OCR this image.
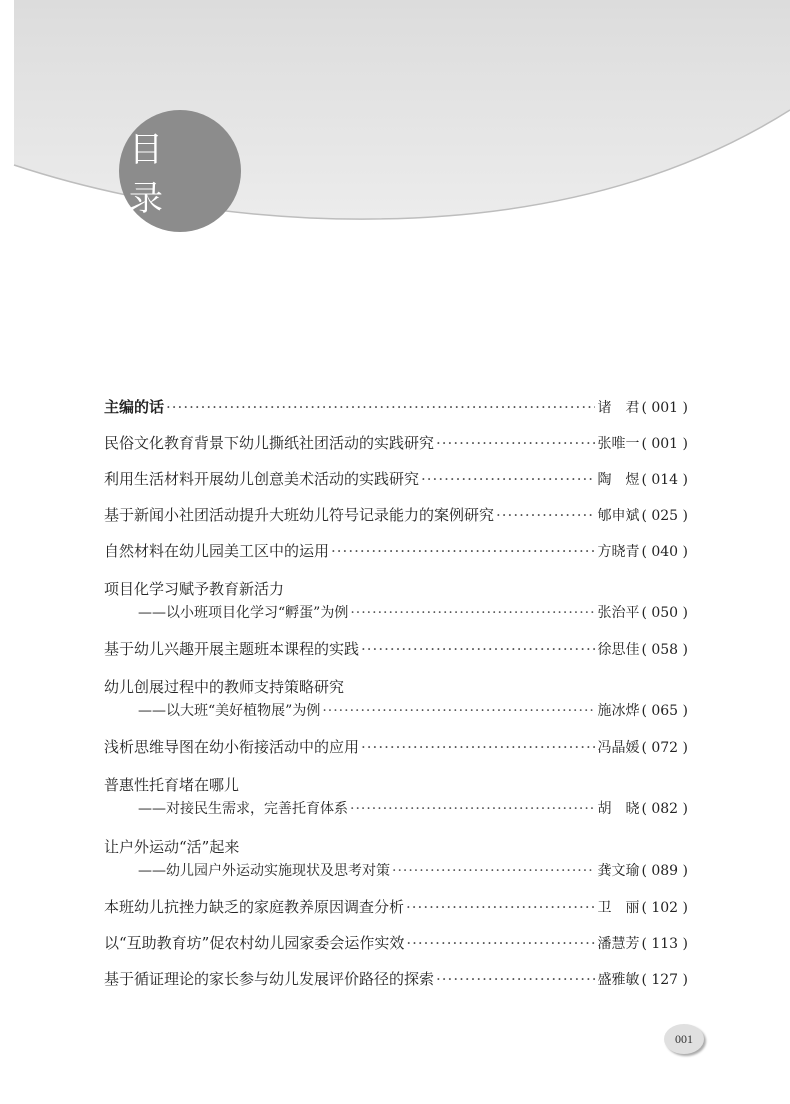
目 录
主编的话 ·····	诸　君 ( 001 )
民俗文化教育背景下幼儿撕纸社团活动的实践研究 ·····	张唯一 ( 001 )
利用生活材料开展幼儿创意美术活动的实践研究 ·····	陶　煜 ( 014 )
基于新闻小社团活动提升大班幼儿符号记录能力的案例研究 ·····	郇申斌 ( 025 )
自然材料在幼儿园美工区中的运用 ·····	方晓青 ( 040 )
项目化学习赋予教育新活力
——以小班项目化学习“孵蛋”为例 ·····	张治平 ( 050 )
基于幼儿兴趣开展主题班本课程的实践 ·····	徐思佳 ( 058 )
幼儿创展过程中的教师支持策略研究
——以大班“美好植物展”为例 ·····	施冰烨 ( 065 )
浅析思维导图在幼小衔接活动中的应用 ·····	冯晶媛 ( 072 )
普惠性托育堵在哪儿
——对接民生需求，完善托育体系 ·····	胡　晓 ( 082 )
让户外运动“活”起来
——幼儿园户外运动实施现状及思考对策 ·····	龚文瑜 ( 089 )
本班幼儿抗挫力缺乏的家庭教养原因调查分析 ·····	卫　丽 ( 102 )
以“互助教育坊”促农村幼儿园家委会运作实效 ·····	潘慧芳 ( 113 )
基于循证理论的家长参与幼儿发展评价路径的探索 ·····	盛雅敏 ( 127 )
001
